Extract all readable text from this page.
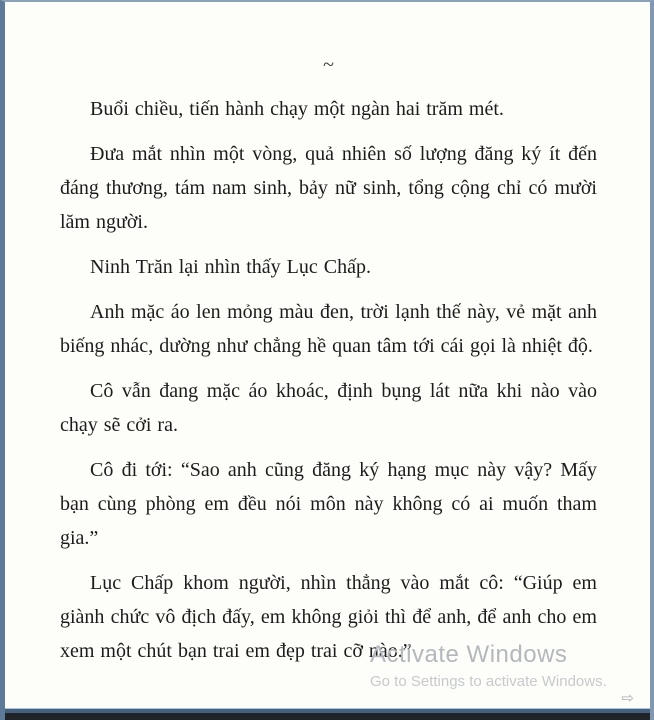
~

Buổi chiều, tiến hành chạy một ngàn hai trăm mét.

Đưa mắt nhìn một vòng, quả nhiên số lượng đăng ký ít đến đáng thương, tám nam sinh, bảy nữ sinh, tổng cộng chỉ có mười lăm người.

Ninh Trăn lại nhìn thấy Lục Chấp.

Anh mặc áo len mỏng màu đen, trời lạnh thế này, vẻ mặt anh biếng nhác, dường như chẳng hề quan tâm tới cái gọi là nhiệt độ.

Cô vẫn đang mặc áo khoác, định bụng lát nữa khi nào vào chạy sẽ cởi ra.

Cô đi tới: “Sao anh cũng đăng ký hạng mục này vậy? Mấy bạn cùng phòng em đều nói môn này không có ai muốn tham gia.”

Lục Chấp khom người, nhìn thẳng vào mắt cô: “Giúp em giành chức vô địch đấy, em không giỏi thì để anh, để anh cho em xem một chút bạn trai em đẹp trai cỡ nào.”

Activate Windows

Go to Settings to activate Windows.

⇨
